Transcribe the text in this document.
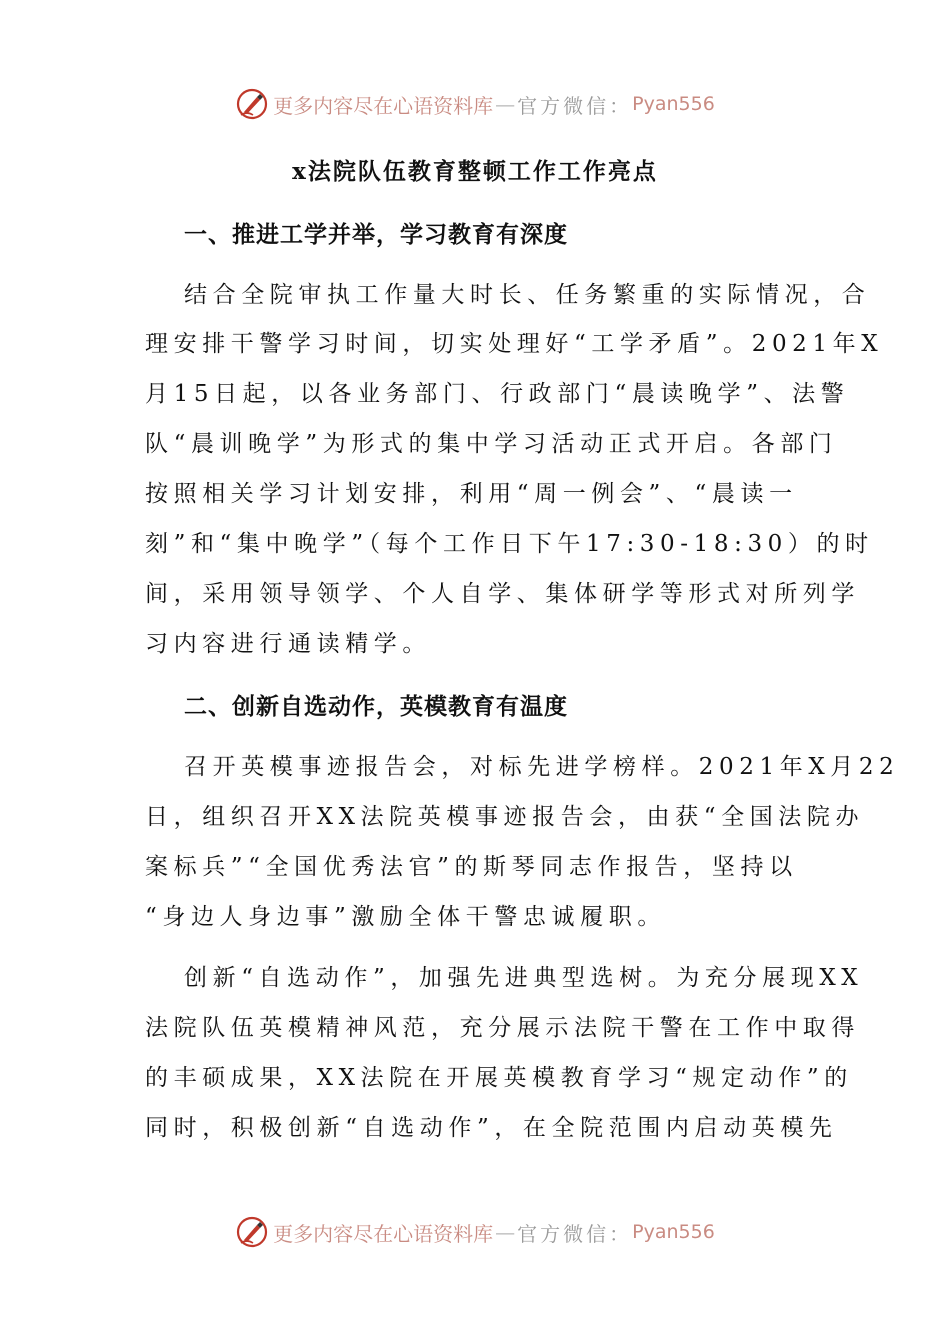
更多内容尽在心语资料库 — 官方微信： Pyan556
x法院队伍教育整顿工作工作亮点
一、推进工学并举，学习教育有深度
结合全院审执工作量大时长、任务繁重的实际情况，合
理安排干警学习时间，切实处理好“工学矛盾”。2021年X
月15日起，以各业务部门、行政部门“晨读晚学”、法警
队“晨训晚学”为形式的集中学习活动正式开启。各部门
按照相关学习计划安排，利用“周一例会”、“晨读一
刻”和“集中晚学”（每个工作日下午17:30-18:30）的时
间，采用领导领学、个人自学、集体研学等形式对所列学
习内容进行通读精学。
二、创新自选动作，英模教育有温度
召开英模事迹报告会，对标先进学榜样。2021年X月22
日，组织召开XX法院英模事迹报告会，由获“全国法院办
案标兵”“全国优秀法官”的斯琴同志作报告，坚持以
“身边人身边事”激励全体干警忠诚履职。
创新“自选动作”，加强先进典型选树。为充分展现XX
法院队伍英模精神风范，充分展示法院干警在工作中取得
的丰硕成果，XX法院在开展英模教育学习“规定动作”的
同时，积极创新“自选动作”，在全院范围内启动英模先
更多内容尽在心语资料库 — 官方微信： Pyan556
